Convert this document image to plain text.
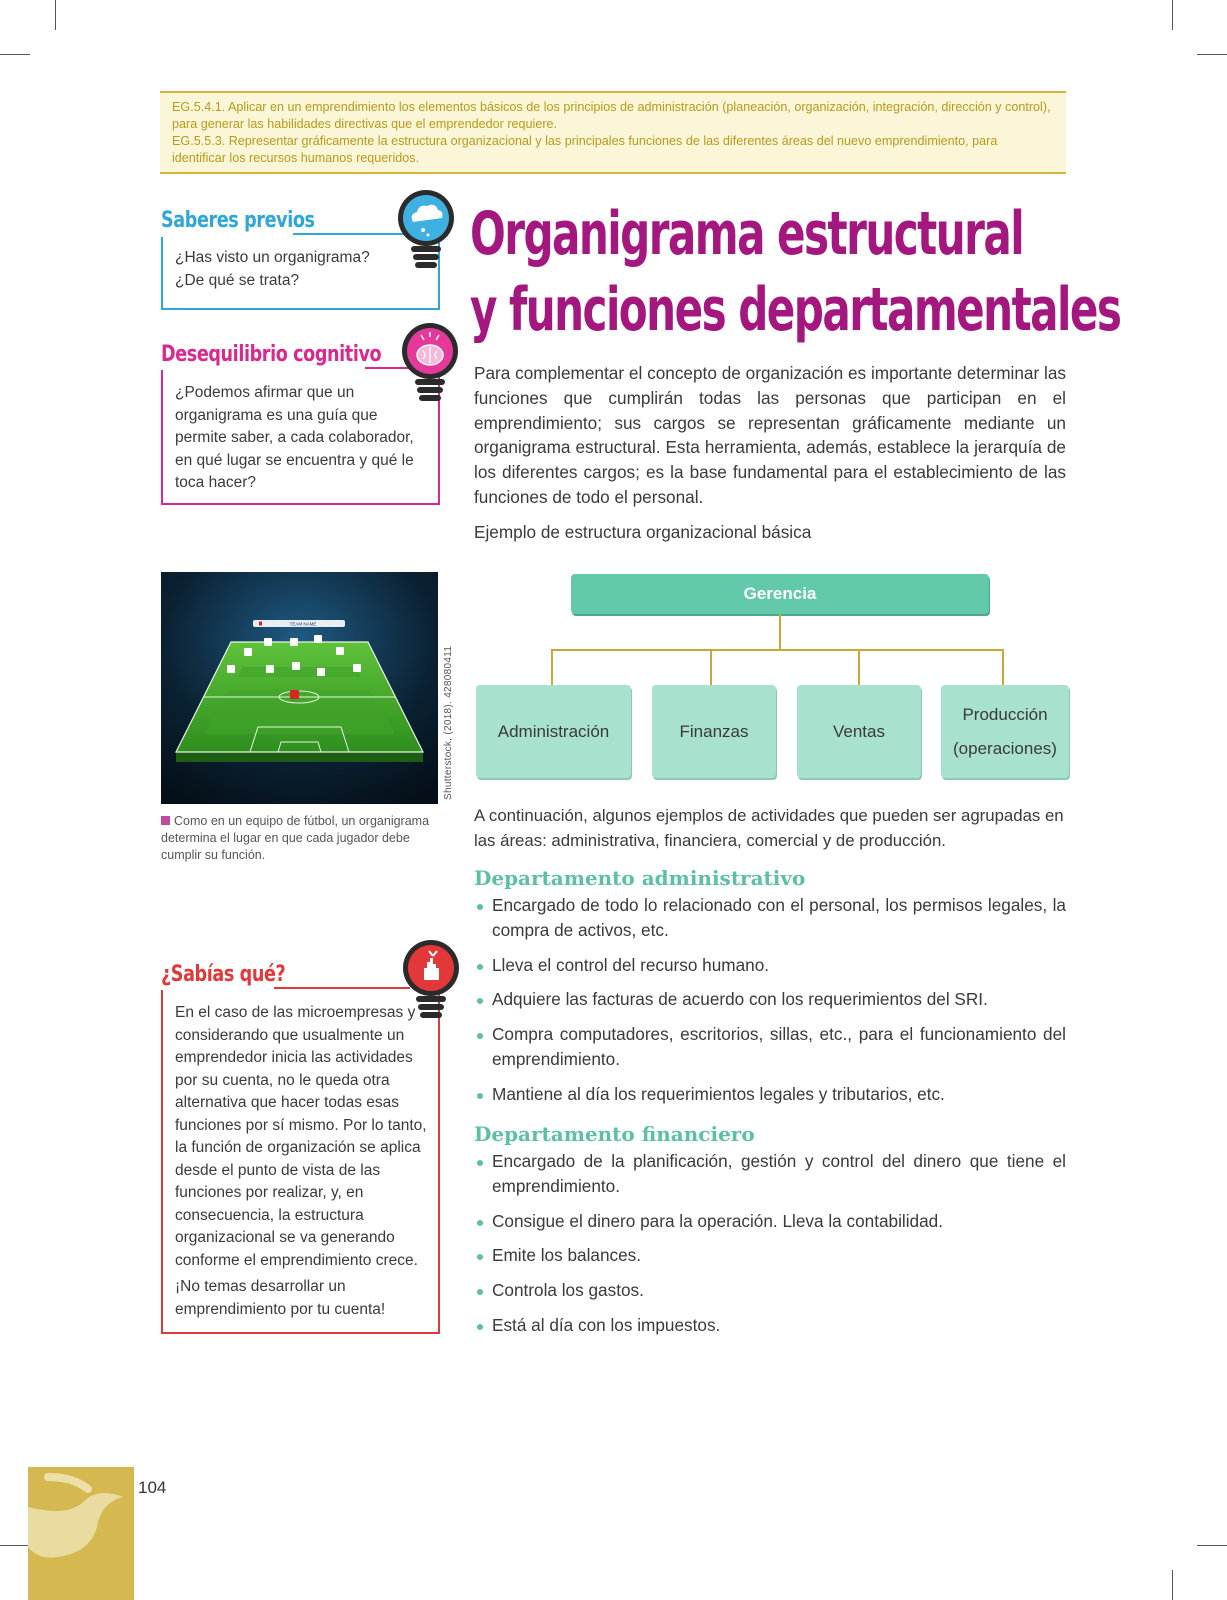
EG.5.4.1. Aplicar en un emprendimiento los elementos básicos de los principios de administración (planeación, organización, integración, dirección y control), para generar las habilidades directivas que el emprendedor requiere.

EG.5.5.3. Representar gráficamente la estructura organizacional y las principales funciones de las diferentes áreas del nuevo emprendimiento, para identificar los recursos humanos requeridos.

Saberes previos

¿Has visto un organigrama? ¿De qué se trata?

Desequilibrio cognitivo

¿Podemos afirmar que un organigrama es una guía que permite saber, a cada colaborador, en qué lugar se encuentra y qué le toca hacer?

Organigrama estructural
y funciones departamentales

Para complementar el concepto de organización es importante determinar las funciones que cumplirán todas las personas que participan en el emprendimiento; sus cargos se representan gráficamente mediante un organigrama estructural. Esta herramienta, además, establece la jerarquía de los diferentes cargos; es la base fundamental para el establecimiento de las funciones de todo el personal.

Ejemplo de estructura organizacional básica

Gerencia
Administración	Finanzas	Ventas
Producción
(operaciones)
TEAM NAME
Shutterstock, (2018). 428080411

Como en un equipo de fútbol, un organigrama determina el lugar en que cada jugador debe cumplir su función.

¿Sabías qué?

En el caso de las microempresas y considerando que usualmente un emprendedor inicia las actividades por su cuenta, no le queda otra alternativa que hacer todas esas funciones por sí mismo. Por lo tanto, la función de organización se aplica desde el punto de vista de las funciones por realizar, y, en consecuencia, la estructura organizacional se va generando conforme el emprendimiento crece.

¡No temas desarrollar un emprendimiento por tu cuenta!

A continuación, algunos ejemplos de actividades que pueden ser agrupadas en las áreas: administrativa, financiera, comercial y de producción.

Departamento administrativo
Encargado de todo lo relacionado con el personal, los permisos legales, la compra de activos, etc.
Lleva el control del recurso humano.
Adquiere las facturas de acuerdo con los requerimientos del SRI.
Compra computadores, escritorios, sillas, etc., para el funcionamiento del emprendimiento.
Mantiene al día los requerimientos legales y tributarios, etc.
Departamento financiero
Encargado de la planificación, gestión y control del dinero que tiene el emprendimiento.
Consigue el dinero para la operación. Lleva la contabilidad.
Emite los balances.
Controla los gastos.
Está al día con los impuestos.
104
